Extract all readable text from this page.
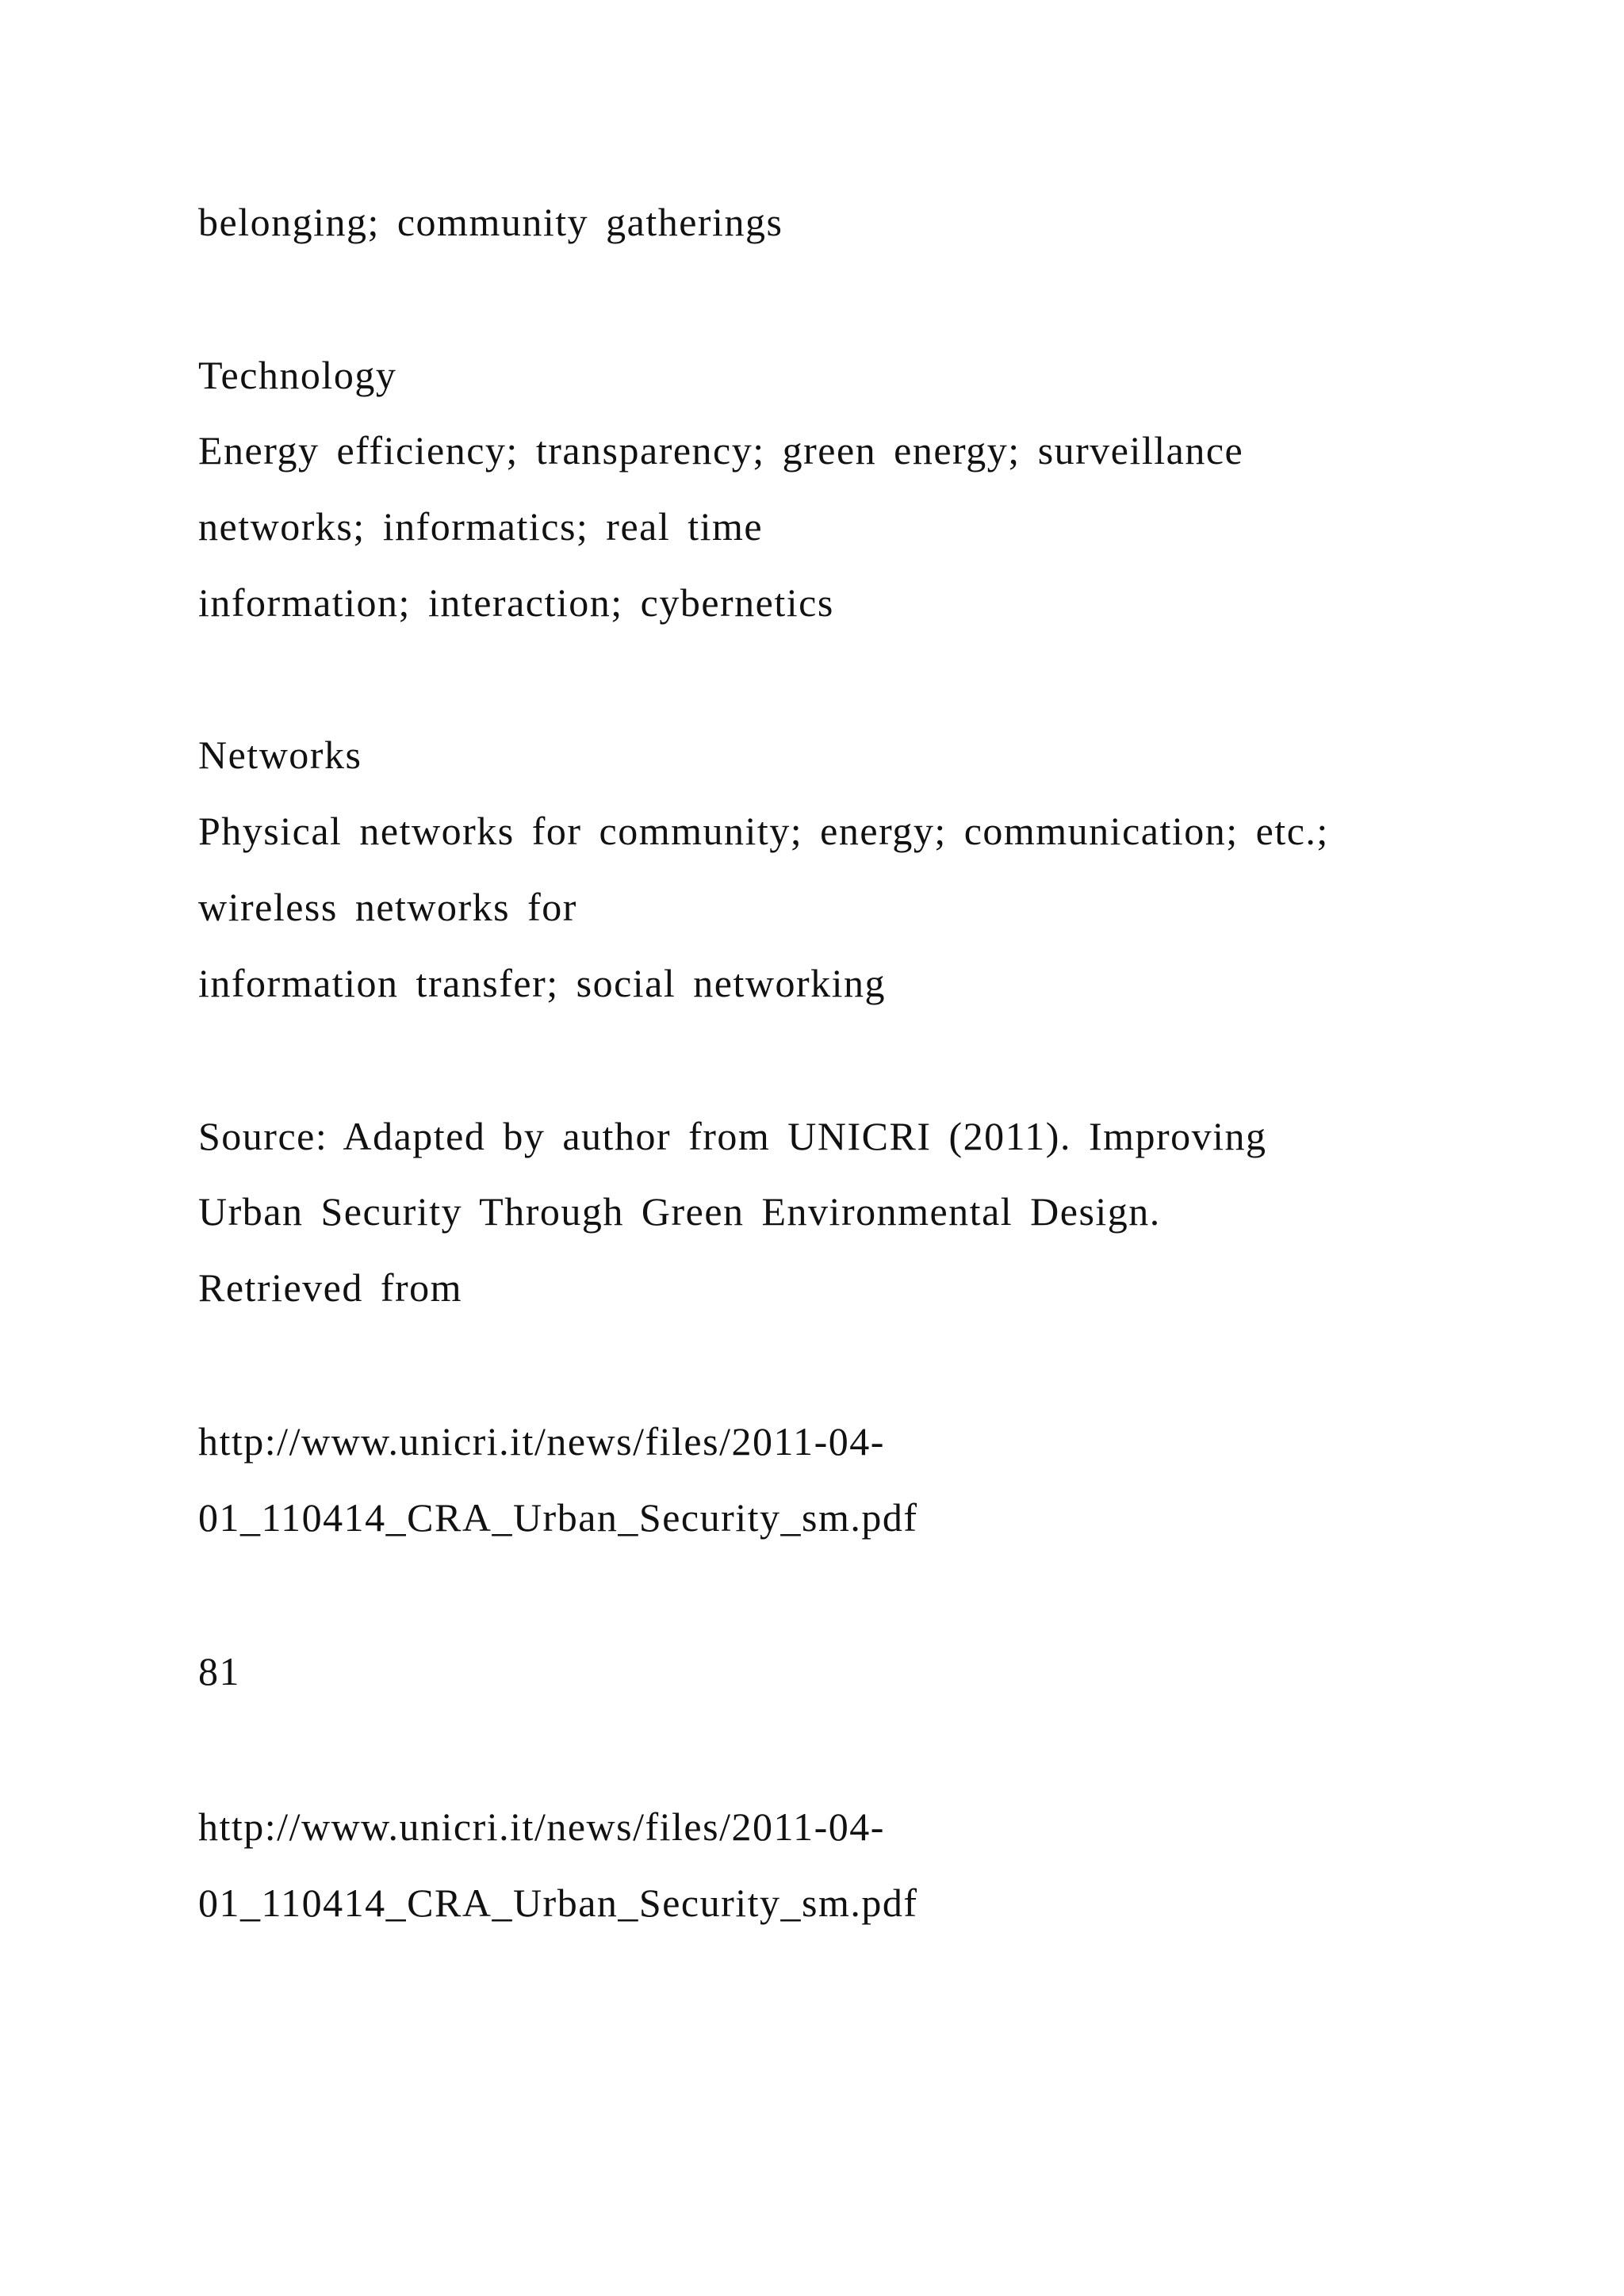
belonging; community gatherings

Technology

Energy efficiency; transparency; green energy; surveillance

networks; informatics; real time

information; interaction; cybernetics

Networks

Physical networks for community; energy; communication; etc.;

wireless networks for

information transfer; social networking

Source: Adapted by author from UNICRI (2011). Improving

Urban Security Through Green Environmental Design.

Retrieved from

http://www.unicri.it/news/files/2011-04-

01_110414_CRA_Urban_Security_sm.pdf

81

http://www.unicri.it/news/files/2011-04-

01_110414_CRA_Urban_Security_sm.pdf
